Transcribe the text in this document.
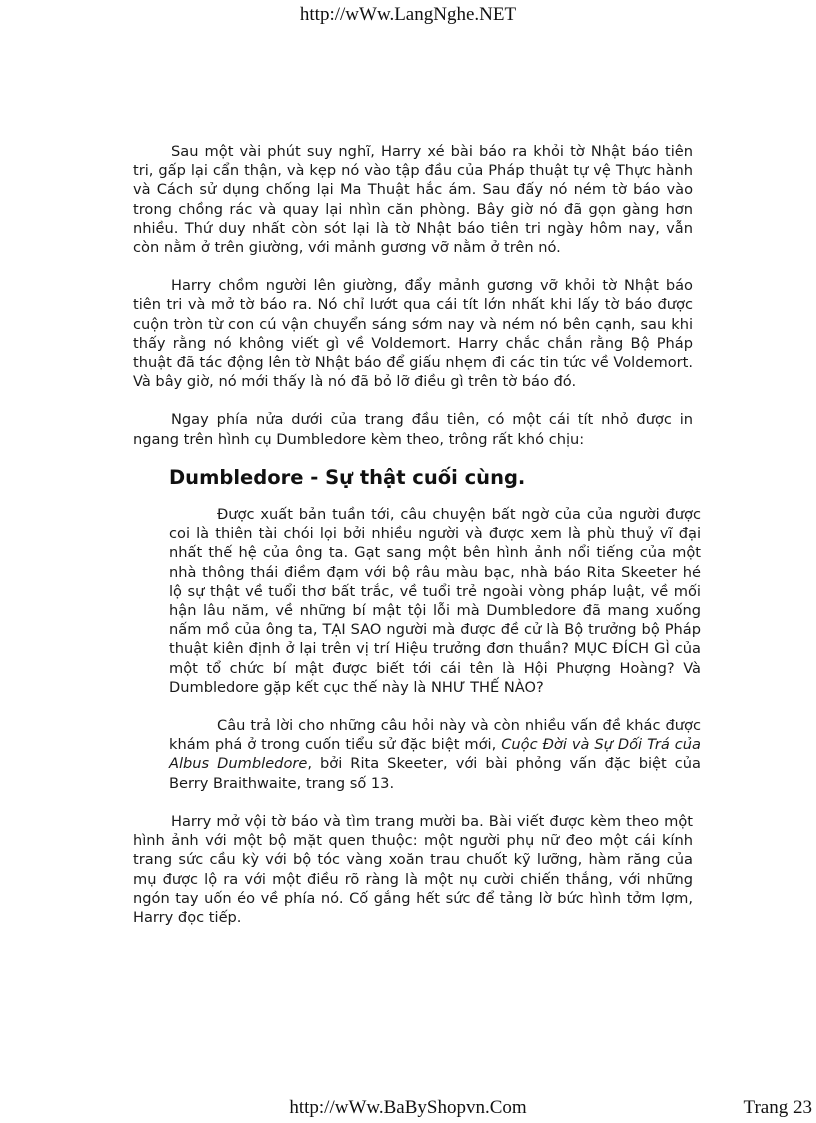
http://wWw.LangNghe.NET

Sau một vài phút suy nghĩ, Harry xé bài báo ra khỏi tờ Nhật báo tiên tri, gấp lại cẩn thận, và kẹp nó vào tập đầu của Pháp thuật tự vệ Thực hành và Cách sử dụng chống lại Ma Thuật hắc ám. Sau đấy nó ném tờ báo vào trong chồng rác và quay lại nhìn căn phòng. Bây giờ nó đã gọn gàng hơn nhiều. Thứ duy nhất còn sót lại là tờ Nhật báo tiên tri ngày hôm nay, vẫn còn nằm ở trên giường, với mảnh gương vỡ nằm ở trên nó.

Harry chồm người lên giường, đẩy mảnh gương vỡ khỏi tờ Nhật báo tiên tri và mở tờ báo ra. Nó chỉ lướt qua cái tít lớn nhất khi lấy tờ báo được cuộn tròn từ con cú vận chuyển sáng sớm nay và ném nó bên cạnh, sau khi thấy rằng nó không viết gì về Voldemort. Harry chắc chắn rằng Bộ Pháp thuật đã tác động lên tờ Nhật báo để giấu nhẹm đi các tin tức về Voldemort. Và bây giờ, nó mới thấy là nó đã bỏ lỡ điều gì trên tờ báo đó.

Ngay phía nửa dưới của trang đầu tiên, có một cái tít nhỏ được in ngang trên hình cụ Dumbledore kèm theo, trông rất khó chịu:

Dumbledore - Sự thật cuối cùng.

Được xuất bản tuần tới, câu chuyện bất ngờ của của người được coi là thiên tài chói lọi bởi nhiều người và được xem là phù thuỷ vĩ đại nhất thế hệ của ông ta. Gạt sang một bên hình ảnh nổi tiếng của một nhà thông thái điềm đạm với bộ râu màu bạc, nhà báo Rita Skeeter hé lộ sự thật về tuổi thơ bất trắc, về tuổi trẻ ngoài vòng pháp luật, về mối hận lâu năm, về những bí mật tội lỗi mà Dumbledore đã mang xuống nấm mồ của ông ta, TẠI SAO người mà được đề cử là Bộ trưởng bộ Pháp thuật kiên định ở lại trên vị trí Hiệu trưởng đơn thuần? MỤC ĐÍCH GÌ của một tổ chức bí mật được biết tới cái tên là Hội Phượng Hoàng? Và Dumbledore gặp kết cục thế này là NHƯ THẾ NÀO?

Câu trả lời cho những câu hỏi này và còn nhiều vấn đề khác được khám phá ở trong cuốn tiểu sử đặc biệt mới, Cuộc Đời và Sự Dối Trá của Albus Dumbledore, bởi Rita Skeeter, với bài phỏng vấn đặc biệt của Berry Braithwaite, trang số 13.

Harry mở vội tờ báo và tìm trang mười ba. Bài viết được kèm theo một hình ảnh với một bộ mặt quen thuộc: một người phụ nữ đeo một cái kính trang sức cầu kỳ với bộ tóc vàng xoăn trau chuốt kỹ lưỡng, hàm răng của mụ được lộ ra với một điều rõ ràng là một nụ cười chiến thắng, với những ngón tay uốn éo về phía nó. Cố gắng hết sức để tảng lờ bức hình tởm lợm, Harry đọc tiếp.

http://wWw.BaByShopvn.Com	Trang 23
